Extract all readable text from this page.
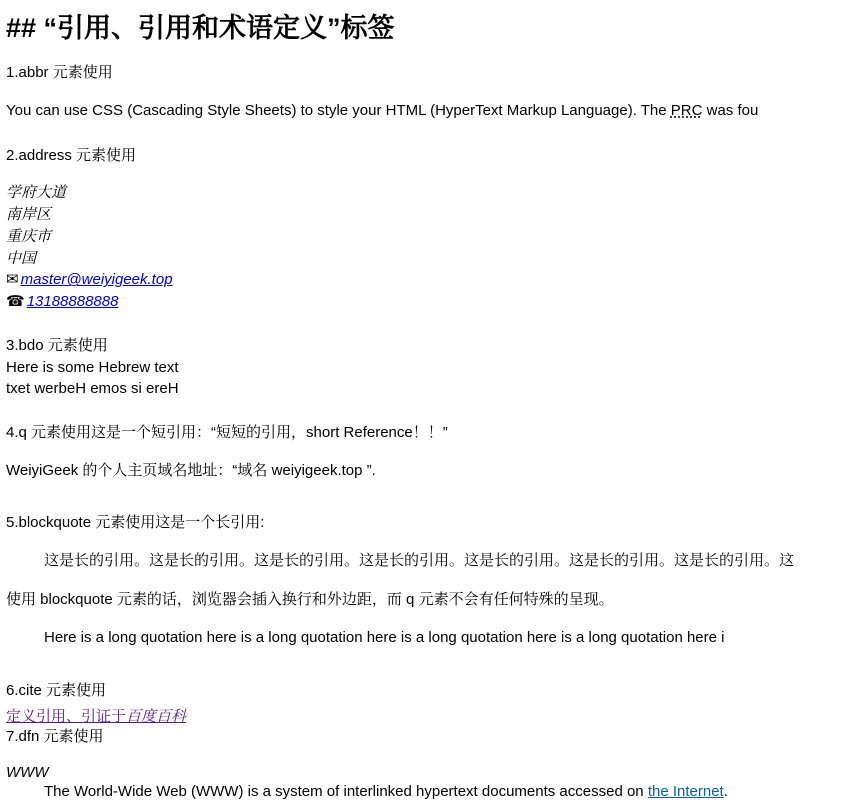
## “引用、引用和术语定义”标签
1.abbr 元素使用

You can use CSS (Cascading Style Sheets) to style your HTML (HyperText Markup Language). The PRC was fou

2.address 元素使用
学府大道
南岸区
重庆市
中国
✉ master@weiyigeek.top
☎ 13188888888
3.bdo 元素使用
Here is some Hebrew text
txet werbeH emos si ereH
4.q 元素使用这是一个短引用：“短短的引用，short Reference！！”

WeiyiGeek 的个人主页域名地址：“域名 weiyigeek.top ”.

5.blockquote 元素使用这是一个长引用:
这是长的引用。这是长的引用。这是长的引用。这是长的引用。这是长的引用。这是长的引用。这是长的引用。这

使用 blockquote 元素的话，浏览器会插入换行和外边距，而 q 元素不会有任何特殊的呈现。

Here is a long quotation here is a long quotation here is a long quotation here is a long quotation here i
6.cite 元素使用
定义引用、引证于百度百科
7.dfn 元素使用
WWW
The World-Wide Web (WWW) is a system of interlinked hypertext documents accessed on the Internet.
